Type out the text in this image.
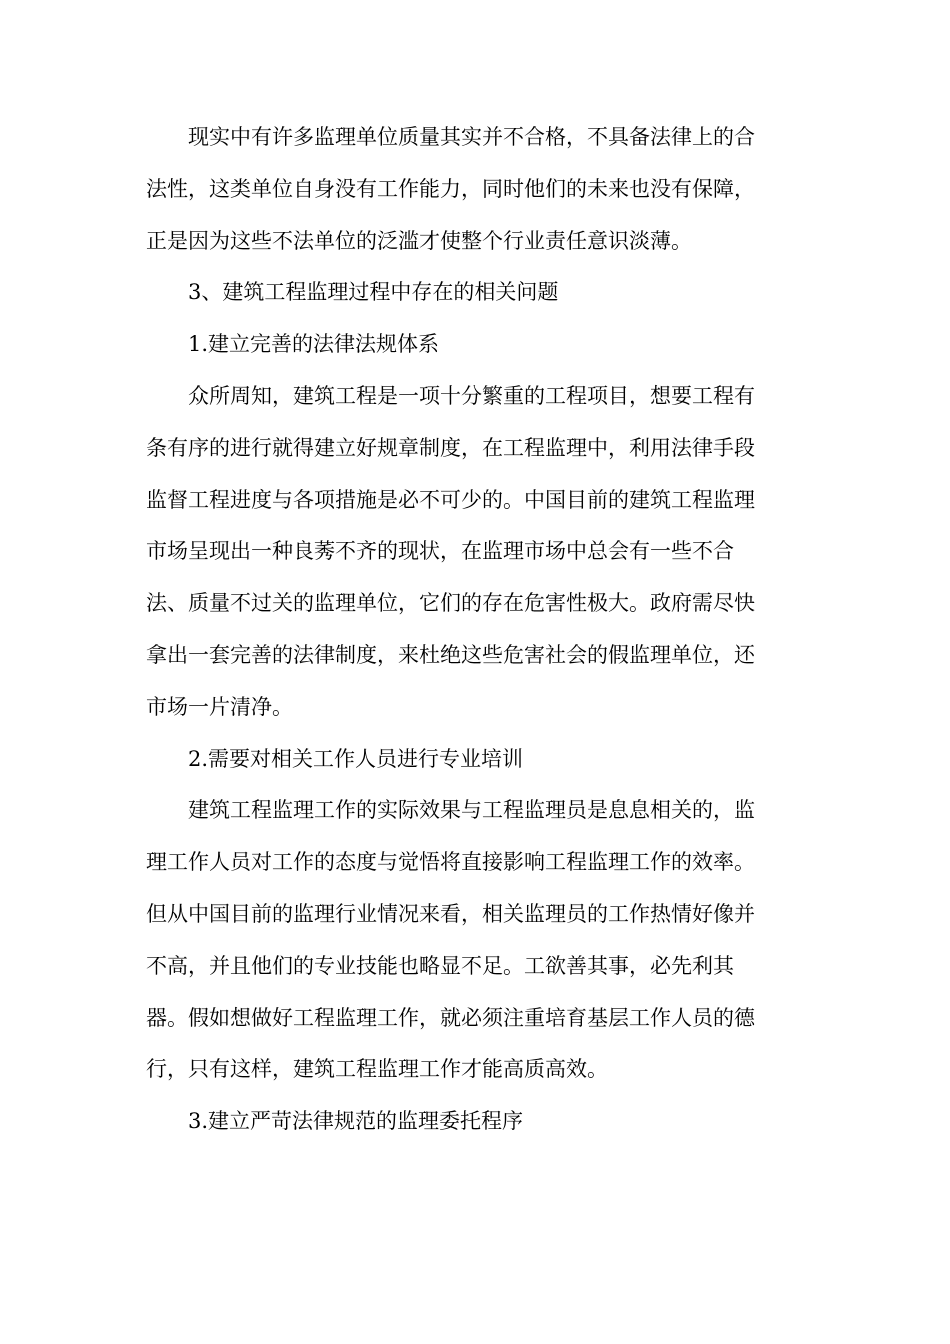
现实中有许多监理单位质量其实并不合格，不具备法律上的合
法性，这类单位自身没有工作能力，同时他们的未来也没有保障，
正是因为这些不法单位的泛滥才使整个行业责任意识淡薄。
3、建筑工程监理过程中存在的相关问题
1.建立完善的法律法规体系
众所周知，建筑工程是一项十分繁重的工程项目，想要工程有
条有序的进行就得建立好规章制度，在工程监理中，利用法律手段
监督工程进度与各项措施是必不可少的。中国目前的建筑工程监理
市场呈现出一种良莠不齐的现状，在监理市场中总会有一些不合
法、质量不过关的监理单位，它们的存在危害性极大。政府需尽快
拿出一套完善的法律制度，来杜绝这些危害社会的假监理单位，还
市场一片清净。
2.需要对相关工作人员进行专业培训
建筑工程监理工作的实际效果与工程监理员是息息相关的，监
理工作人员对工作的态度与觉悟将直接影响工程监理工作的效率。
但从中国目前的监理行业情况来看，相关监理员的工作热情好像并
不高，并且他们的专业技能也略显不足。工欲善其事，必先利其
器。假如想做好工程监理工作，就必须注重培育基层工作人员的德
行，只有这样，建筑工程监理工作才能高质高效。
3.建立严苛法律规范的监理委托程序
